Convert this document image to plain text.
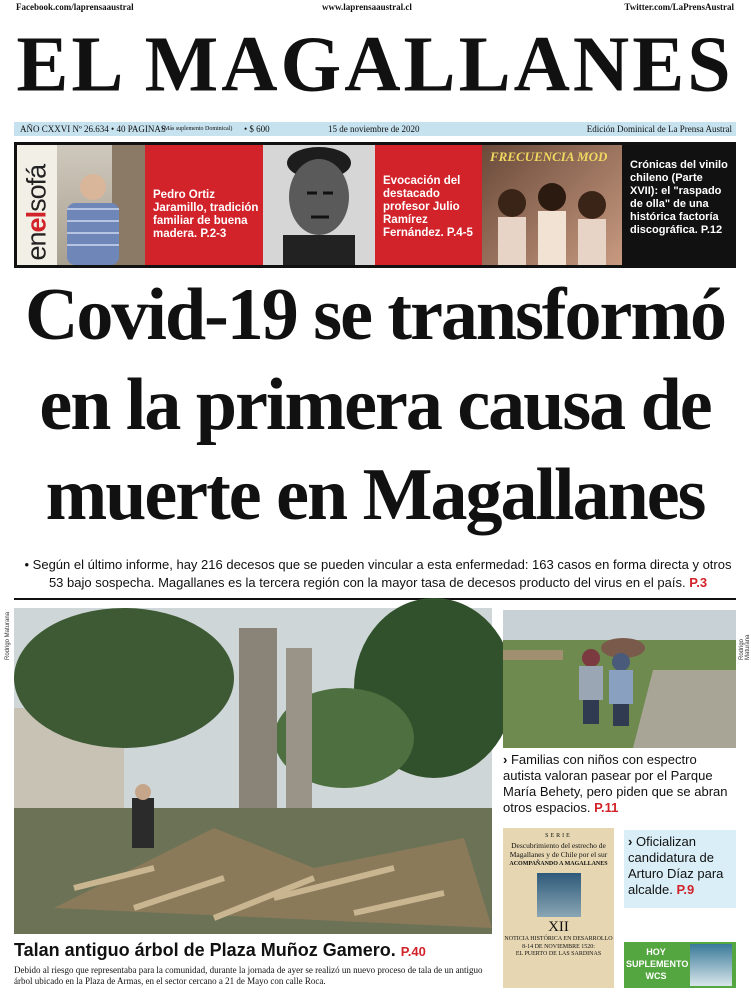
Facebook.com/laprensaaustral	www.laprensaaustral.cl	Twitter.com/LaPrensAustral
EL MAGALLANES
AÑO CXXVI Nº 26.634 • 40 PAGINAS
(Más suplemento Dominical) • $ 600	15 de noviembre de 2020	Edición Dominical de La Prensa Austral
enelsofá	Pedro Ortiz Jaramillo, tradición familiar de buena madera. P.2-3
Evocación del destacado profesor Julio Ramírez Fernández. P.4-5
FRECUENCIA MOD
Crónicas del vinilo chileno (Parte XVII): el "raspado de olla" de una histórica factoría discográfica. P.12
Covid-19 se transformó
en la primera causa de
muerte en Magallanes
• Según el último informe, hay 216 decesos que se pueden vincular a esta enfermedad: 163 casos en forma directa y otros 53 bajo sospecha. Magallanes es la tercera región con la mayor tasa de decesos producto del virus en el país. P.3
Rodrigo Maturana
Talan antiguo árbol de Plaza Muñoz Gamero. P.40
Debido al riesgo que representaba para la comunidad, durante la jornada de ayer se realizó un nuevo proceso de tala de un antiguo árbol ubicado en la Plaza de Armas, en el sector cercano a 21 de Mayo con calle Roca.
Rodrigo Maturana
› Familias con niños con espectro autista valoran pasear por el Parque María Behety, pero piden que se abran otros espacios. P.11
SERIE
Descubrimiento del estrecho de Magallanes y de Chile por el sur
ACOMPAÑANDO A MAGALLANES
XII
NOTICIA HISTÓRICA EN DESARROLLO
8-14 DE NOVIEMBRE 1520:
EL PUERTO DE LAS SARDINAS
› Oficializan candidatura de Arturo Díaz para alcalde. P.9
HOY
SUPLEMENTO
WCS
